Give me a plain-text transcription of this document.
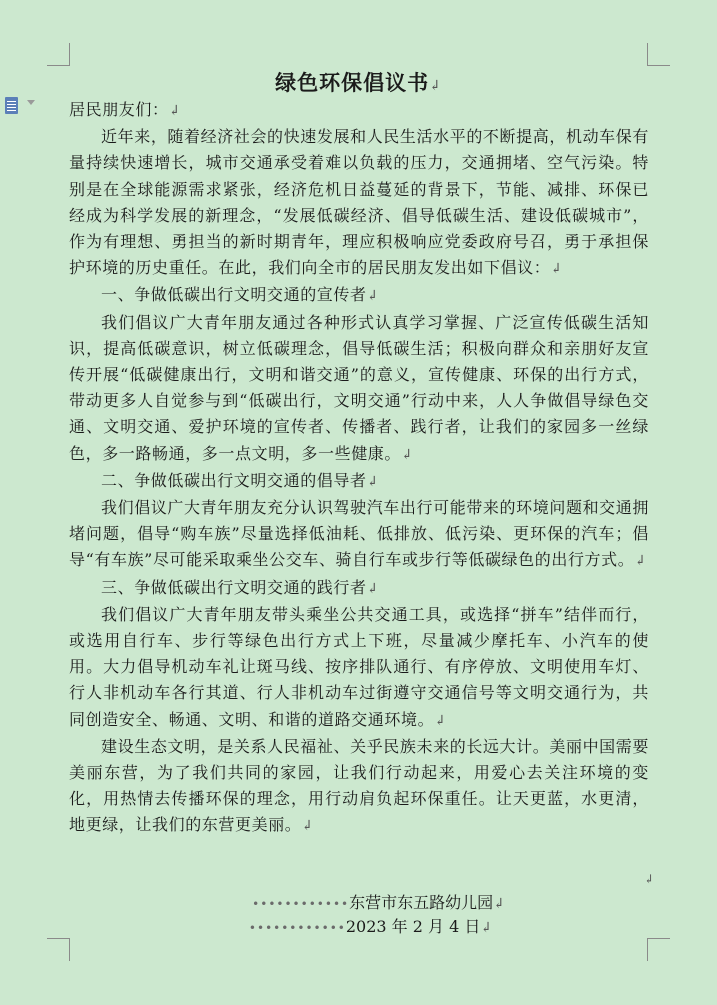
绿色环保倡议书↲

居民朋友们：↲

近年来，随着经济社会的快速发展和人民生活水平的不断提高，机动车保有量持续快速增长，城市交通承受着难以负载的压力，交通拥堵、空气污染。特别是在全球能源需求紧张，经济危机日益蔓延的背景下，节能、减排、环保已经成为科学发展的新理念，“发展低碳经济、倡导低碳生活、建设低碳城市”，作为有理想、勇担当的新时期青年，理应积极响应党委政府号召，勇于承担保护环境的历史重任。在此，我们向全市的居民朋友发出如下倡议：↲

一、争做低碳出行文明交通的宣传者↲

我们倡议广大青年朋友通过各种形式认真学习掌握、广泛宣传低碳生活知识，提高低碳意识，树立低碳理念，倡导低碳生活；积极向群众和亲朋好友宣传开展“低碳健康出行，文明和谐交通”的意义，宣传健康、环保的出行方式，带动更多人自觉参与到“低碳出行，文明交通”行动中来，人人争做倡导绿色交通、文明交通、爱护环境的宣传者、传播者、践行者，让我们的家园多一丝绿色，多一路畅通，多一点文明，多一些健康。↲

二、争做低碳出行文明交通的倡导者↲

我们倡议广大青年朋友充分认识驾驶汽车出行可能带来的环境问题和交通拥堵问题，倡导“购车族”尽量选择低油耗、低排放、低污染、更环保的汽车；倡导“有车族”尽可能采取乘坐公交车、骑自行车或步行等低碳绿色的出行方式。↲

三、争做低碳出行文明交通的践行者↲

我们倡议广大青年朋友带头乘坐公共交通工具，或选择“拼车”结伴而行，或选用自行车、步行等绿色出行方式上下班，尽量减少摩托车、小汽车的使用。大力倡导机动车礼让斑马线、按序排队通行、有序停放、文明使用车灯、行人非机动车各行其道、行人非机动车过街遵守交通信号等文明交通行为，共同创造安全、畅通、文明、和谐的道路交通环境。↲

建设生态文明，是关系人民福祉、关乎民族未来的长远大计。美丽中国需要美丽东营，为了我们共同的家园，让我们行动起来，用爱心去关注环境的变化，用热情去传播环保的理念，用行动肩负起环保重任。让天更蓝，水更清，地更绿，让我们的东营更美丽。↲

↲
••••••••••••东营市东五路幼儿园↲
••••••••••••2023 年 2 月 4 日↲
